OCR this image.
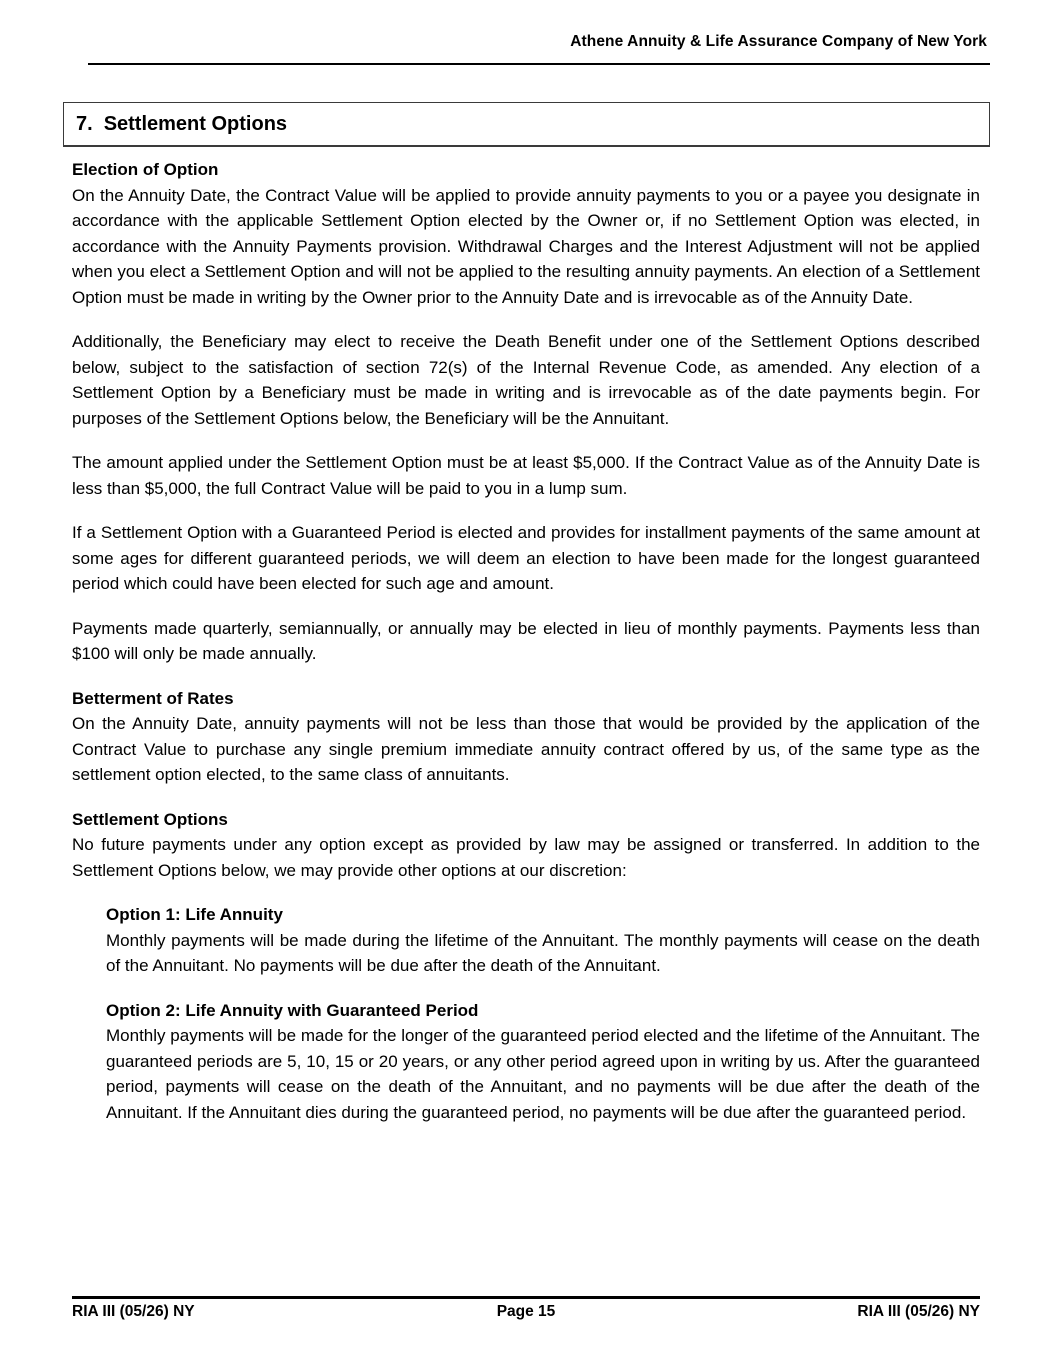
Athene Annuity & Life Assurance Company of New York
7. Settlement Options
Election of Option
On the Annuity Date, the Contract Value will be applied to provide annuity payments to you or a payee you designate in accordance with the applicable Settlement Option elected by the Owner or, if no Settlement Option was elected, in accordance with the Annuity Payments provision. Withdrawal Charges and the Interest Adjustment will not be applied when you elect a Settlement Option and will not be applied to the resulting annuity payments. An election of a Settlement Option must be made in writing by the Owner prior to the Annuity Date and is irrevocable as of the Annuity Date.
Additionally, the Beneficiary may elect to receive the Death Benefit under one of the Settlement Options described below, subject to the satisfaction of section 72(s) of the Internal Revenue Code, as amended. Any election of a Settlement Option by a Beneficiary must be made in writing and is irrevocable as of the date payments begin. For purposes of the Settlement Options below, the Beneficiary will be the Annuitant.
The amount applied under the Settlement Option must be at least $5,000. If the Contract Value as of the Annuity Date is less than $5,000, the full Contract Value will be paid to you in a lump sum.
If a Settlement Option with a Guaranteed Period is elected and provides for installment payments of the same amount at some ages for different guaranteed periods, we will deem an election to have been made for the longest guaranteed period which could have been elected for such age and amount.
Payments made quarterly, semiannually, or annually may be elected in lieu of monthly payments. Payments less than $100 will only be made annually.
Betterment of Rates
On the Annuity Date, annuity payments will not be less than those that would be provided by the application of the Contract Value to purchase any single premium immediate annuity contract offered by us, of the same type as the settlement option elected, to the same class of annuitants.
Settlement Options
No future payments under any option except as provided by law may be assigned or transferred. In addition to the Settlement Options below, we may provide other options at our discretion:
Option 1: Life Annuity
Monthly payments will be made during the lifetime of the Annuitant. The monthly payments will cease on the death of the Annuitant. No payments will be due after the death of the Annuitant.
Option 2: Life Annuity with Guaranteed Period
Monthly payments will be made for the longer of the guaranteed period elected and the lifetime of the Annuitant. The guaranteed periods are 5, 10, 15 or 20 years, or any other period agreed upon in writing by us. After the guaranteed period, payments will cease on the death of the Annuitant, and no payments will be due after the death of the Annuitant. If the Annuitant dies during the guaranteed period, no payments will be due after the guaranteed period.
RIA III (05/26) NY	Page 15	RIA III (05/26) NY
